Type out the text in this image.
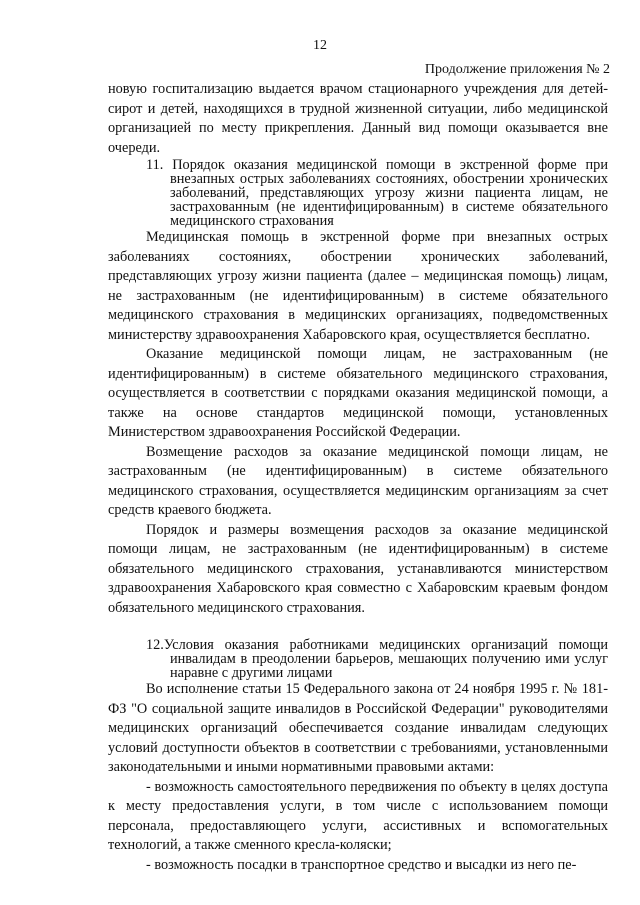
12
Продолжение приложения № 2

новую госпитализацию выдается врачом стационарного учреждения для детей-сирот и детей, находящихся в трудной жизненной ситуации, либо медицинской организацией по месту прикрепления. Данный вид помощи оказывается вне очереди.

11. Порядок оказания медицинской помощи в экстренной форме при внезапных острых заболеваниях состояниях, обострении хронических заболеваний, представляющих угрозу жизни пациента лицам, не застрахованным (не идентифицированным) в системе обязательного медицинского страхования

Медицинская помощь в экстренной форме при внезапных острых заболеваниях состояниях, обострении хронических заболеваний, представляющих угрозу жизни пациента (далее – медицинская помощь) лицам, не застрахованным (не идентифицированным) в системе обязательного медицинского страхования в медицинских организациях, подведомственных министерству здравоохранения Хабаровского края, осуществляется бесплатно.

Оказание медицинской помощи лицам, не застрахованным (не идентифицированным) в системе обязательного медицинского страхования, осуществляется в соответствии с порядками оказания медицинской помощи, а также на основе стандартов медицинской помощи, установленных Министерством здравоохранения Российской Федерации.

Возмещение расходов за оказание медицинской помощи лицам, не застрахованным (не идентифицированным) в системе обязательного медицинского страхования, осуществляется медицинским организациям за счет средств краевого бюджета.

Порядок и размеры возмещения расходов за оказание медицинской помощи лицам, не застрахованным (не идентифицированным) в системе обязательного медицинского страхования, устанавливаются министерством здравоохранения Хабаровского края совместно с Хабаровским краевым фондом обязательного медицинского страхования.

12.Условия оказания работниками медицинских организаций помощи инвалидам в преодолении барьеров, мешающих получению ими услуг наравне с другими лицами

Во исполнение статьи 15 Федерального закона от 24 ноября 1995 г. № 181-ФЗ "О социальной защите инвалидов в Российской Федерации" руководителями медицинских организаций обеспечивается создание инвалидам следующих условий доступности объектов в соответствии с требованиями, установленными законодательными и иными нормативными правовыми актами:

- возможность самостоятельного передвижения по объекту в целях доступа к месту предоставления услуги, в том числе с использованием помощи персонала, предоставляющего услуги, ассистивных и вспомогательных технологий, а также сменного кресла-коляски;

- возможность посадки в транспортное средство и высадки из него пе-
